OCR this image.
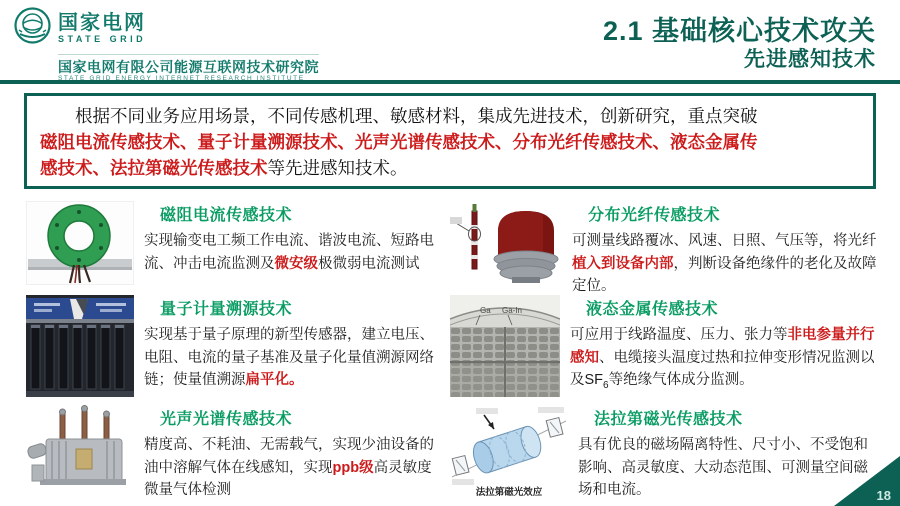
国家电网
STATE GRID
国家电网有限公司能源互联网技术研究院
STATE GRID ENERGY INTERNET RESEARCH INSTITUTE
2.1 基础核心技术攻关
先进感知技术
　　根据不同业务应用场景，不同传感机理、敏感材料，集成先进技术，创新研究，重点突破
磁阻电流传感技术、量子计量溯源技术、光声光谱传感技术、分布光纤传感技术、液态金属传
感技术、法拉第磁光传感技术等先进感知技术。
磁阻电流传感技术
实现输变电工频工作电流、谐波电流、短路电流、冲击电流监测及微安级极微弱电流测试
量子计量溯源技术
实现基于量子原理的新型传感器，建立电压、电阻、电流的量子基准及量子化量值溯源网络链；使量值溯源扁平化。
光声光谱传感技术
精度高、不耗油、无需载气，实现少油设备的油中溶解气体在线感知，实现ppb级高灵敏度微量气体检测
分布光纤传感技术
可测量线路覆冰、风速、日照、气压等，将光纤植入到设备内部，判断设备绝缘件的老化及故障定位。
Ga Ga-In	液态金属传感技术
可应用于线路温度、压力、张力等非电参量并行感知、电缆接头温度过热和拉伸变形情况监测以及$SF_6$等绝缘气体成分监测。
法拉第磁光效应
法拉第磁光传感技术
具有优良的磁场隔离特性、尺寸小、不受饱和影响、高灵敏度、大动态范围、可测量空间磁场和电流。	18
